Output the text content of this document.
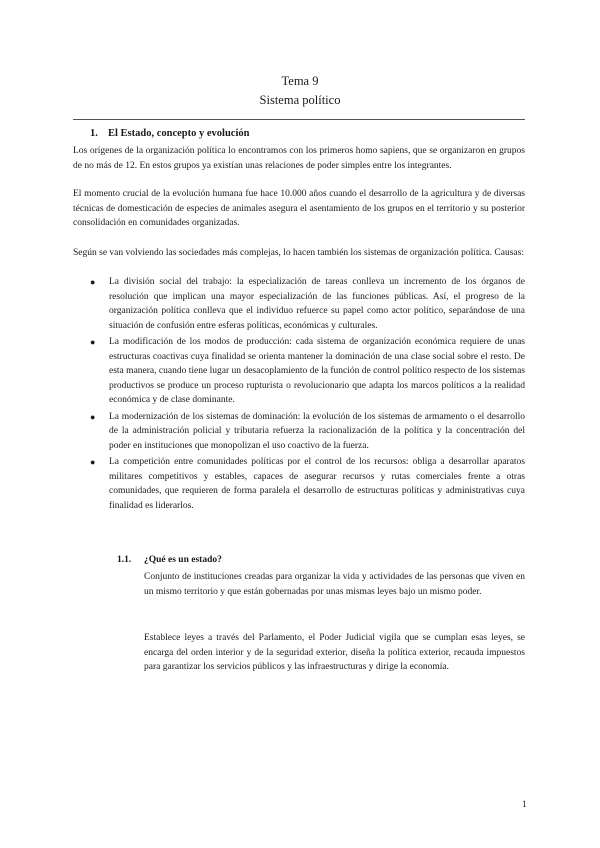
Tema 9
Sistema político
1. El Estado, concepto y evolución
Los orígenes de la organización política lo encontramos con los primeros homo sapiens, que se organizaron en grupos de no más de 12. En estos grupos ya existían unas relaciones de poder simples entre los integrantes.
El momento crucial de la evolución humana fue hace 10.000 años cuando el desarrollo de la agricultura y de diversas técnicas de domesticación de especies de animales asegura el asentamiento de los grupos en el territorio y su posterior consolidación en comunidades organizadas.
Según se van volviendo las sociedades más complejas, lo hacen también los sistemas de organización política. Causas:
● La división social del trabajo: la especialización de tareas conlleva un incremento de los órganos de resolución que implican una mayor especialización de las funciones públicas. Así, el progreso de la organización política conlleva que el individuo refuerce su papel como actor político, separándose de una situación de confusión entre esferas políticas, económicas y culturales.
● La modificación de los modos de producción: cada sistema de organización económica requiere de unas estructuras coactivas cuya finalidad se orienta mantener la dominación de una clase social sobre el resto. De esta manera, cuando tiene lugar un desacoplamiento de la función de control político respecto de los sistemas productivos se produce un proceso rupturista o revolucionario que adapta los marcos políticos a la realidad económica y de clase dominante.
● La modernización de los sistemas de dominación: la evolución de los sistemas de armamento o el desarrollo de la administración policial y tributaria refuerza la racionalización de la política y la concentración del poder en instituciones que monopolizan el uso coactivo de la fuerza.
● La competición entre comunidades políticas por el control de los recursos: obliga a desarrollar aparatos militares competitivos y estables, capaces de asegurar recursos y rutas comerciales frente a otras comunidades, que requieren de forma paralela el desarrollo de estructuras políticas y administrativas cuya finalidad es liderarlos.
1.1. ¿Qué es un estado?
Conjunto de instituciones creadas para organizar la vida y actividades de las personas que viven en un mismo territorio y que están gobernadas por unas mismas leyes bajo un mismo poder.
Establece leyes a través del Parlamento, el Poder Judicial vigila que se cumplan esas leyes, se encarga del orden interior y de la seguridad exterior, diseña la política exterior, recauda impuestos para garantizar los servicios públicos y las infraestructuras y dirige la economía.
1
